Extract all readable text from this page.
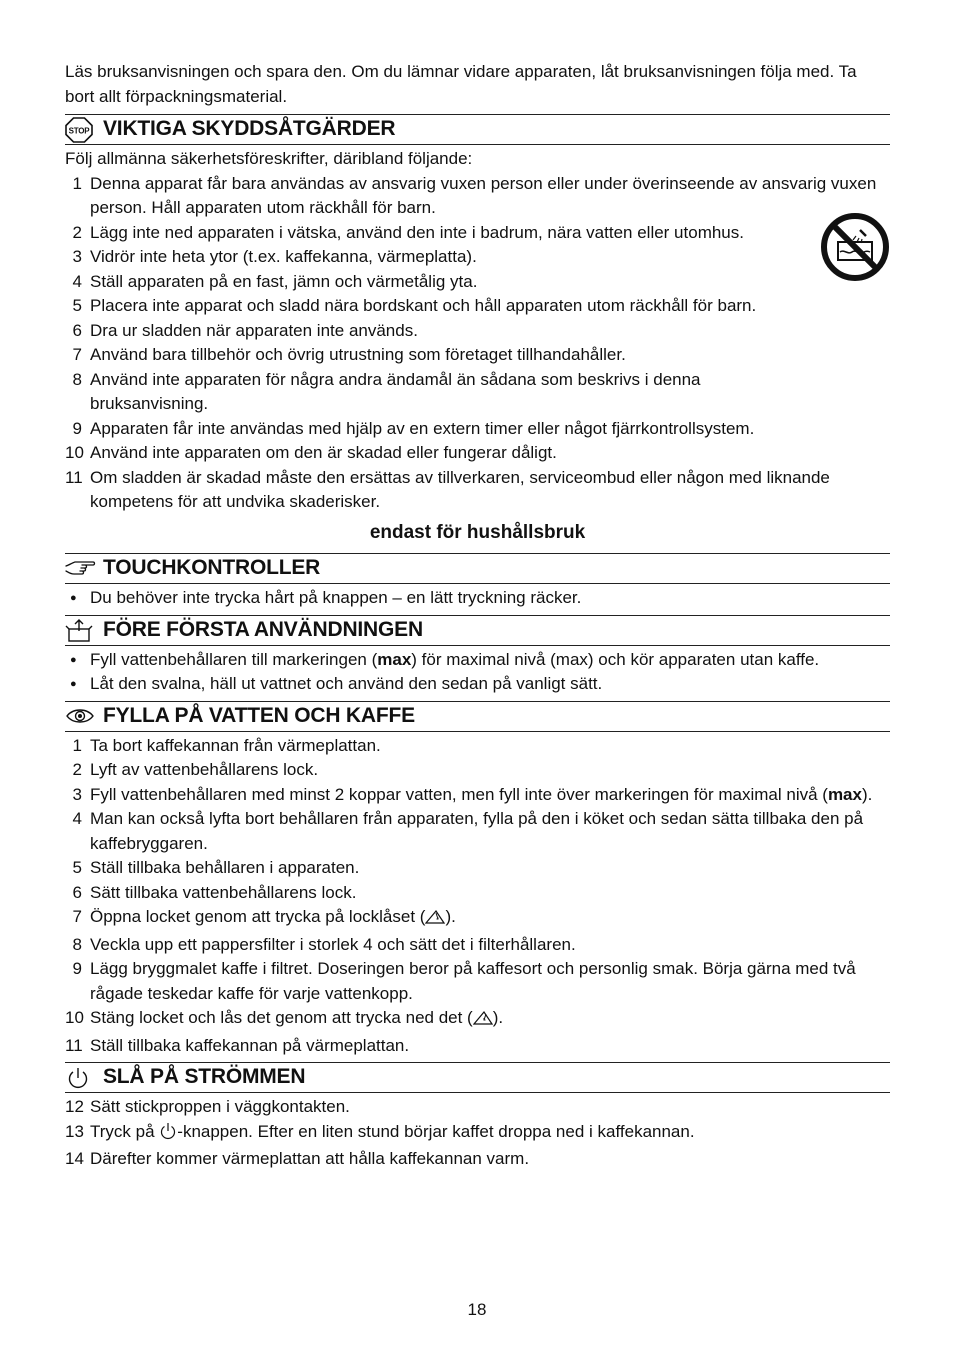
Läs bruksanvisningen och spara den. Om du lämnar vidare apparaten, låt bruksanvisningen följa med. Ta bort allt förpackningsmaterial.

STOP VIKTIGA SKYDDSÅTGÄRDER

Följ allmänna säkerhetsföreskrifter, däribland följande:

1 Denna apparat får bara användas av ansvarig vuxen person eller under överinseende av ansvarig vuxen person. Håll apparaten utom räckhåll för barn.
2 Lägg inte ned apparaten i vätska, använd den inte i badrum, nära vatten eller utomhus.
3 Vidrör inte heta ytor (t.ex. kaffekanna, värmeplatta).
4 Ställ apparaten på en fast, jämn och värmetålig yta.
5 Placera inte apparat och sladd nära bordskant och håll apparaten utom räckhåll för barn.
6 Dra ur sladden när apparaten inte används.
7 Använd bara tillbehör och övrig utrustning som företaget tillhandahåller.
8 Använd inte apparaten för några andra ändamål än sådana som beskrivs i denna bruksanvisning.
9 Apparaten får inte användas med hjälp av en extern timer eller något fjärrkontrollsystem.
10 Använd inte apparaten om den är skadad eller fungerar dåligt.
11 Om sladden är skadad måste den ersättas av tillverkaren, serviceombud eller någon med liknande kompetens för att undvika skaderisker.

endast för hushållsbruk

TOUCHKONTROLLER
● Du behöver inte trycka hårt på knappen – en lätt tryckning räcker.
FÖRE FÖRSTA ANVÄNDNINGEN
● Fyll vattenbehållaren till markeringen (max) för maximal nivå (max) och kör apparaten utan kaffe.
● Låt den svalna, häll ut vattnet och använd den sedan på vanligt sätt.
FYLLA PÅ VATTEN OCH KAFFE
1 Ta bort kaffekannan från värmeplattan.
2 Lyft av vattenbehållarens lock.
3 Fyll vattenbehållaren med minst 2 koppar vatten, men fyll inte över markeringen för maximal nivå (max).
4 Man kan också lyfta bort behållaren från apparaten, fylla på den i köket och sedan sätta tillbaka den på kaffebryggaren.
5 Ställ tillbaka behållaren i apparaten.
6 Sätt tillbaka vattenbehållarens lock.
7 Öppna locket genom att trycka på locklåset ( ).
8 Veckla upp ett pappersfilter i storlek 4 och sätt det i filterhållaren.
9 Lägg bryggmalet kaffe i filtret. Doseringen beror på kaffesort och personlig smak. Börja gärna med två rågade teskedar kaffe för varje vattenkopp.
10 Stäng locket och lås det genom att trycka ned det ( ).
11 Ställ tillbaka kaffekannan på värmeplattan.
SLÅ PÅ STRÖMMEN
12 Sätt stickproppen i väggkontakten.
13 Tryck på -knappen. Efter en liten stund börjar kaffet droppa ned i kaffekannan.
14 Därefter kommer värmeplattan att hålla kaffekannan varm.
18
